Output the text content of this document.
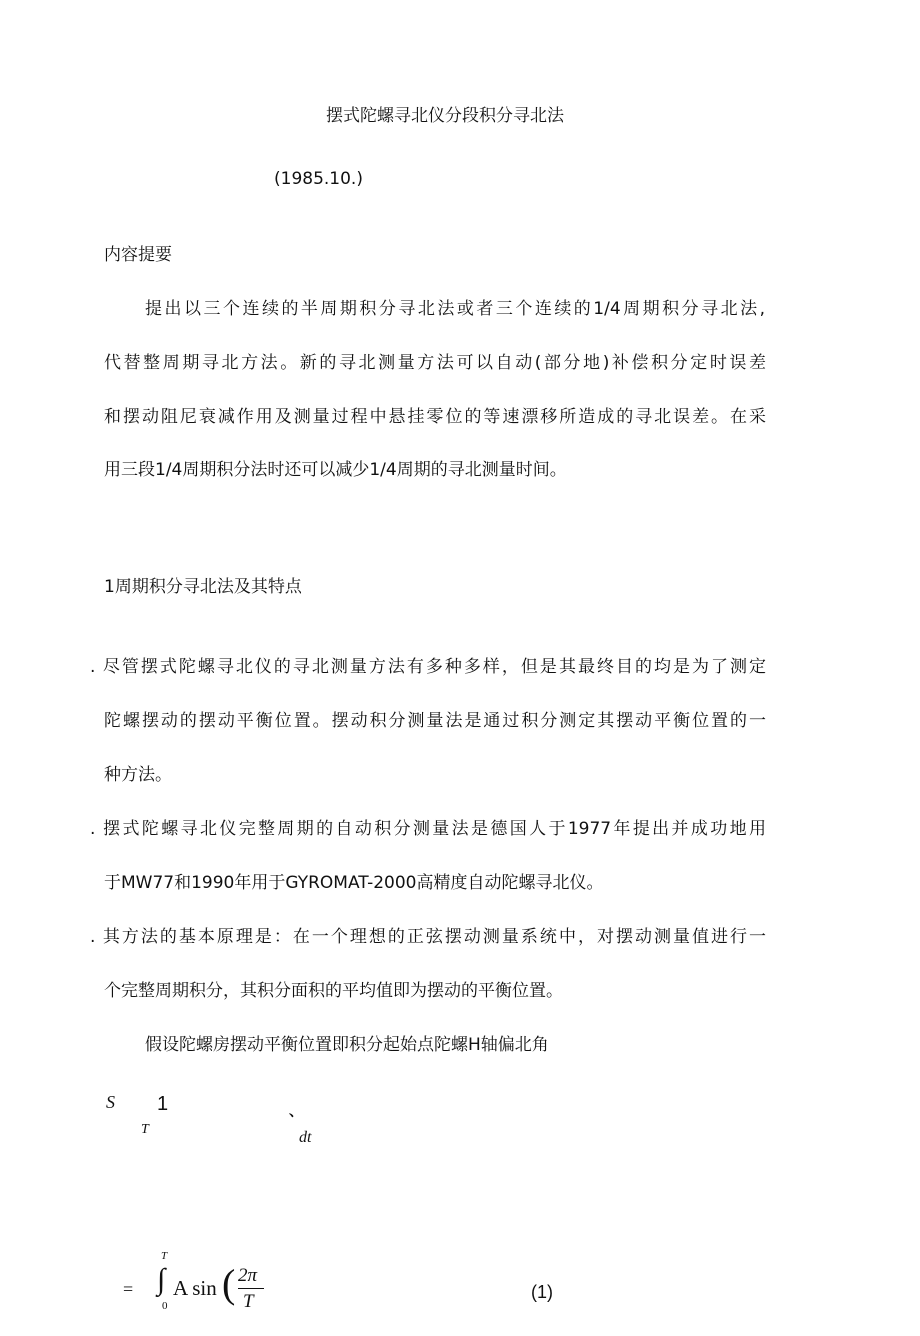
摆式陀螺寻北仪分段积分寻北法
(1985.10.)
内容提要
提出以三个连续的半周期积分寻北法或者三个连续的1/4周期积分寻北法,
代替整周期寻北方法。新的寻北测量方法可以自动(部分地)补偿积分定时误差
和摆动阻尼衰减作用及测量过程中悬挂零位的等速漂移所造成的寻北误差。在采
用三段1/4周期积分法时还可以减少1/4周期的寻北测量时间。
1周期积分寻北法及其特点
. 尽管摆式陀螺寻北仪的寻北测量方法有多种多样，但是其最终目的均是为了测定
陀螺摆动的摆动平衡位置。摆动积分测量法是通过积分测定其摆动平衡位置的一
种方法。
. 摆式陀螺寻北仪完整周期的自动积分测量法是德国人于1977年提出并成功地用
于MW77和1990年用于GYROMAT-2000高精度自动陀螺寻北仪。
. 其方法的基本原理是：在一个理想的正弦摆动测量系统中，对摆动测量值进行一
个完整周期积分，其积分面积的平均值即为摆动的平衡位置。
假设陀螺房摆动平衡位置即积分起始点陀螺H轴偏北角
S 1
T
、
dt
=
T
∫
0
A sin ( 2π
T	(1)
